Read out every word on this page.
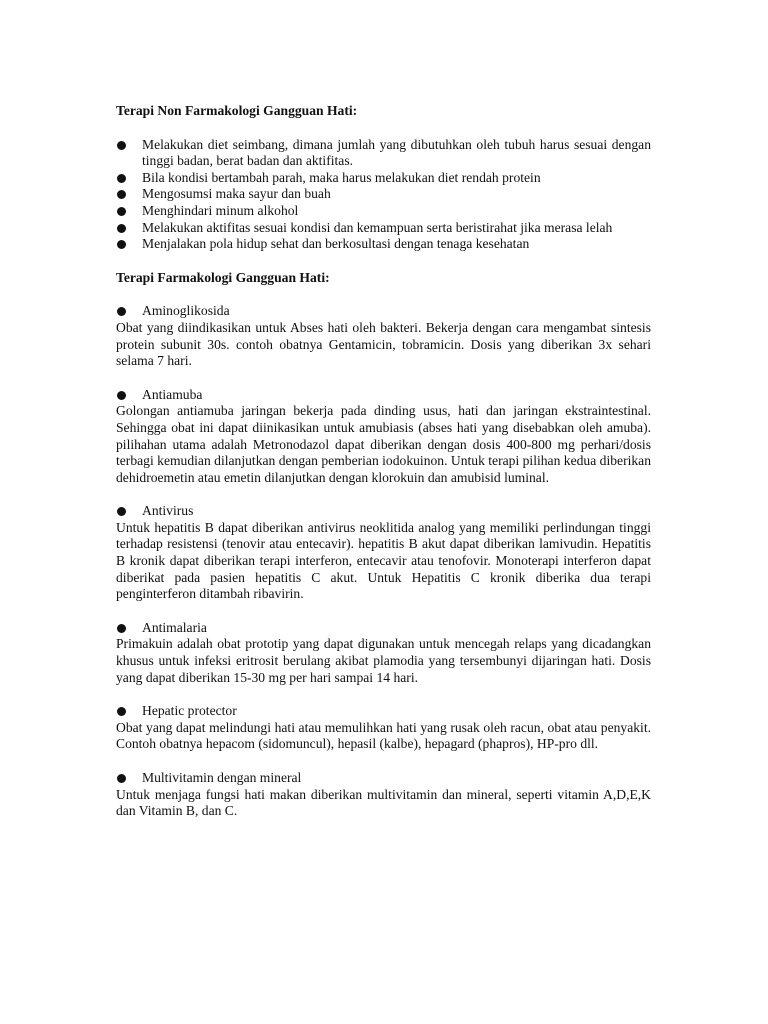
Terapi Non Farmakologi Gangguan Hati:

Melakukan diet seimbang, dimana jumlah yang dibutuhkan oleh tubuh harus sesuai dengan tinggi badan, berat badan dan aktifitas.
Bila kondisi bertambah parah, maka harus melakukan diet rendah protein
Mengosumsi maka sayur dan buah
Menghindari minum alkohol
Melakukan aktifitas sesuai kondisi dan kemampuan serta beristirahat jika merasa lelah
Menjalakan pola hidup sehat dan berkosultasi dengan tenaga kesehatan

Terapi Farmakologi Gangguan Hati:

Aminoglikosida
Obat yang diindikasikan untuk Abses hati oleh bakteri. Bekerja dengan cara mengambat sintesis protein subunit 30s. contoh obatnya Gentamicin, tobramicin. Dosis yang diberikan 3x sehari selama 7 hari.
Antiamuba
Golongan antiamuba jaringan bekerja pada dinding usus, hati dan jaringan ekstraintestinal. Sehingga obat ini dapat diinikasikan untuk amubiasis (abses hati yang disebabkan oleh amuba). pilihahan utama adalah Metronodazol dapat diberikan dengan dosis 400-800 mg perhari/dosis terbagi kemudian dilanjutkan dengan pemberian iodokuinon. Untuk terapi pilihan kedua diberikan dehidroemetin atau emetin dilanjutkan dengan klorokuin dan amubisid luminal.
Antivirus
Untuk hepatitis B dapat diberikan antivirus neoklitida analog yang memiliki perlindungan tinggi terhadap resistensi (tenovir atau entecavir). hepatitis B akut dapat diberikan lamivudin. Hepatitis B kronik dapat diberikan terapi interferon, entecavir atau tenofovir. Monoterapi interferon dapat diberikat pada pasien hepatitis C akut. Untuk Hepatitis C kronik diberika dua terapi penginterferon ditambah ribavirin.
Antimalaria
Primakuin adalah obat prototip yang dapat digunakan untuk mencegah relaps yang dicadangkan khusus untuk infeksi eritrosit berulang akibat plamodia yang tersembunyi dijaringan hati. Dosis yang dapat diberikan 15-30 mg per hari sampai 14 hari.
Hepatic protector
Obat yang dapat melindungi hati atau memulihkan hati yang rusak oleh racun, obat atau penyakit. Contoh obatnya hepacom (sidomuncul), hepasil (kalbe), hepagard (phapros), HP-pro dll.
Multivitamin dengan mineral
Untuk menjaga fungsi hati makan diberikan multivitamin dan mineral, seperti vitamin A,D,E,K dan Vitamin B, dan C.
